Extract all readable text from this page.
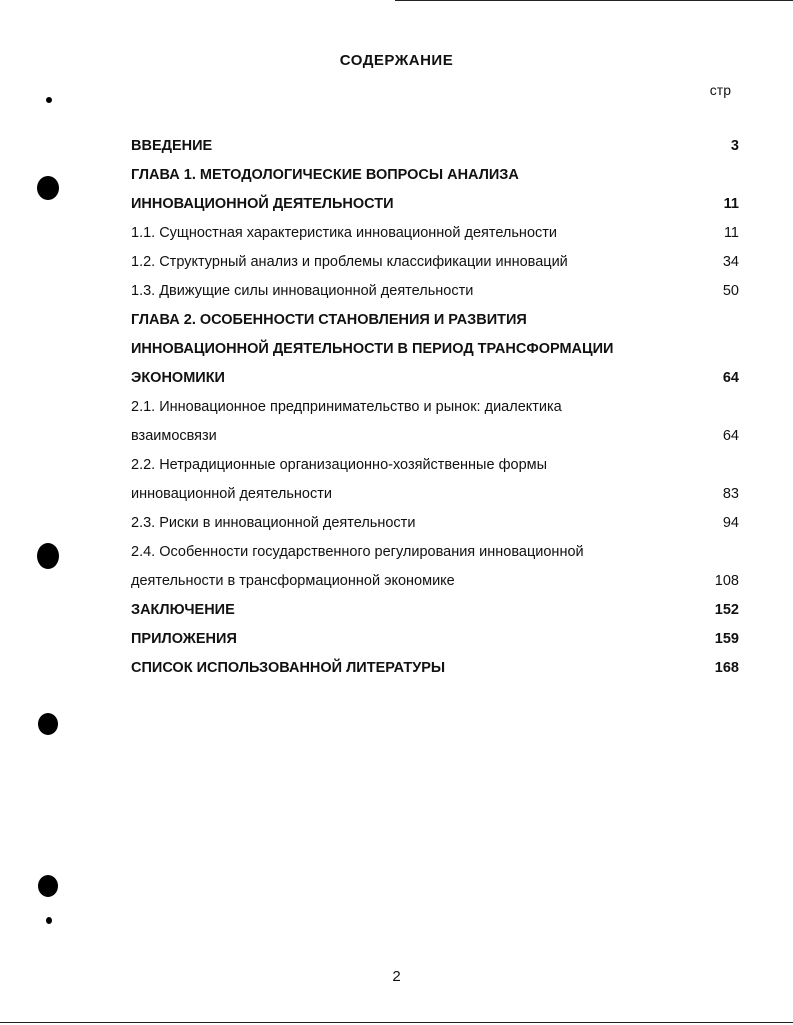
СОДЕРЖАНИЕ
стр
ВВЕДЕНИЕ	3
ГЛАВА 1. МЕТОДОЛОГИЧЕСКИЕ ВОПРОСЫ АНАЛИЗА
ИННОВАЦИОННОЙ ДЕЯТЕЛЬНОСТИ	11
1.1. Сущностная характеристика инновационной деятельности	11
1.2. Структурный анализ и проблемы классификации инноваций	34
1.3. Движущие силы инновационной деятельности	50
ГЛАВА 2. ОСОБЕННОСТИ СТАНОВЛЕНИЯ И РАЗВИТИЯ
ИННОВАЦИОННОЙ ДЕЯТЕЛЬНОСТИ В ПЕРИОД ТРАНСФОРМАЦИИ
ЭКОНОМИКИ	64
2.1. Инновационное предпринимательство и рынок: диалектика
взаимосвязи	64
2.2. Нетрадиционные организационно-хозяйственные формы
инновационной деятельности	83
2.3. Риски в инновационной деятельности	94
2.4. Особенности государственного регулирования инновационной
деятельности в трансформационной экономике	108
ЗАКЛЮЧЕНИЕ	152
ПРИЛОЖЕНИЯ	159
СПИСОК ИСПОЛЬЗОВАННОЙ ЛИТЕРАТУРЫ	168
2
